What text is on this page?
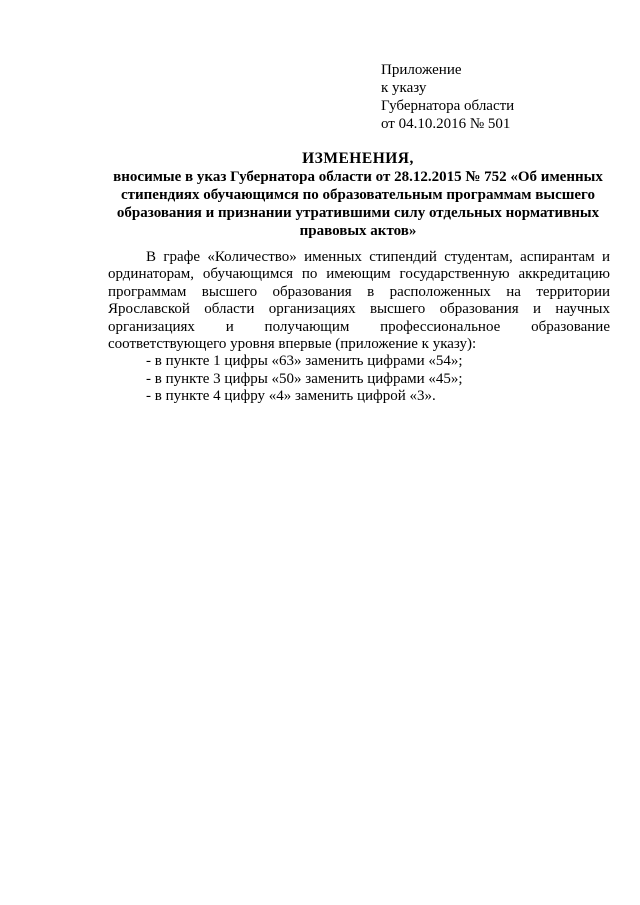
Приложение
к указу
Губернатора области
от 04.10.2016 № 501
ИЗМЕНЕНИЯ,
вносимые в указ Губернатора области от 28.12.2015 № 752 «Об именных стипендиях обучающимся по образовательным программам высшего образования и признании утратившими силу отдельных нормативных правовых актов»

В графе «Количество» именных стипендий студентам, аспирантам и ординаторам, обучающимся по имеющим государственную аккредитацию программам высшего образования в расположенных на территории Ярославской области организациях высшего образования и научных организациях и получающим профессиональное образование соответствующего уровня впервые (приложение к указу):

- в пункте 1 цифры «63» заменить цифрами «54»;

- в пункте 3 цифры «50» заменить цифрами «45»;

- в пункте 4 цифру «4» заменить цифрой «3».
